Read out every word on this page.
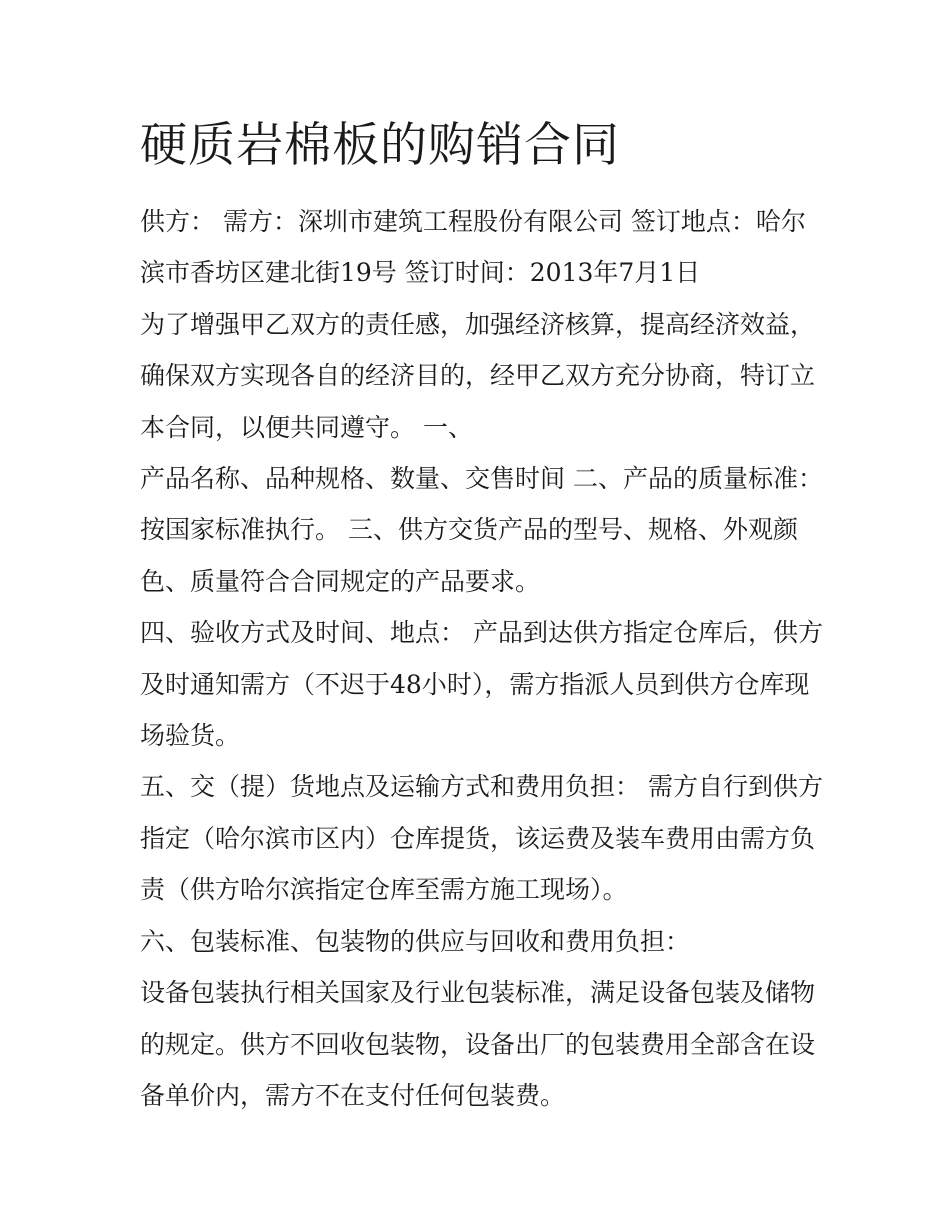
硬质岩棉板的购销合同

供方： 需方：深圳市建筑工程股份有限公司 签订地点：哈尔滨市香坊区建北街19号 签订时间：2013年7月1日

为了增强甲乙双方的责任感，加强经济核算，提高经济效益，确保双方实现各自的经济目的，经甲乙双方充分协商，特订立本合同，以便共同遵守。 一、

产品名称、品种规格、数量、交售时间 二、产品的质量标准：按国家标准执行。 三、供方交货产品的型号、规格、外观颜色、质量符合合同规定的产品要求。

四、验收方式及时间、地点： 产品到达供方指定仓库后，供方及时通知需方（不迟于48小时），需方指派人员到供方仓库现场验货。

五、交（提）货地点及运输方式和费用负担： 需方自行到供方指定（哈尔滨市区内）仓库提货，该运费及装车费用由需方负责（供方哈尔滨指定仓库至需方施工现场）。

六、包装标准、包装物的供应与回收和费用负担：

设备包装执行相关国家及行业包装标准，满足设备包装及储物的规定。供方不回收包装物，设备出厂的包装费用全部含在设备单价内，需方不在支付任何包装费。
